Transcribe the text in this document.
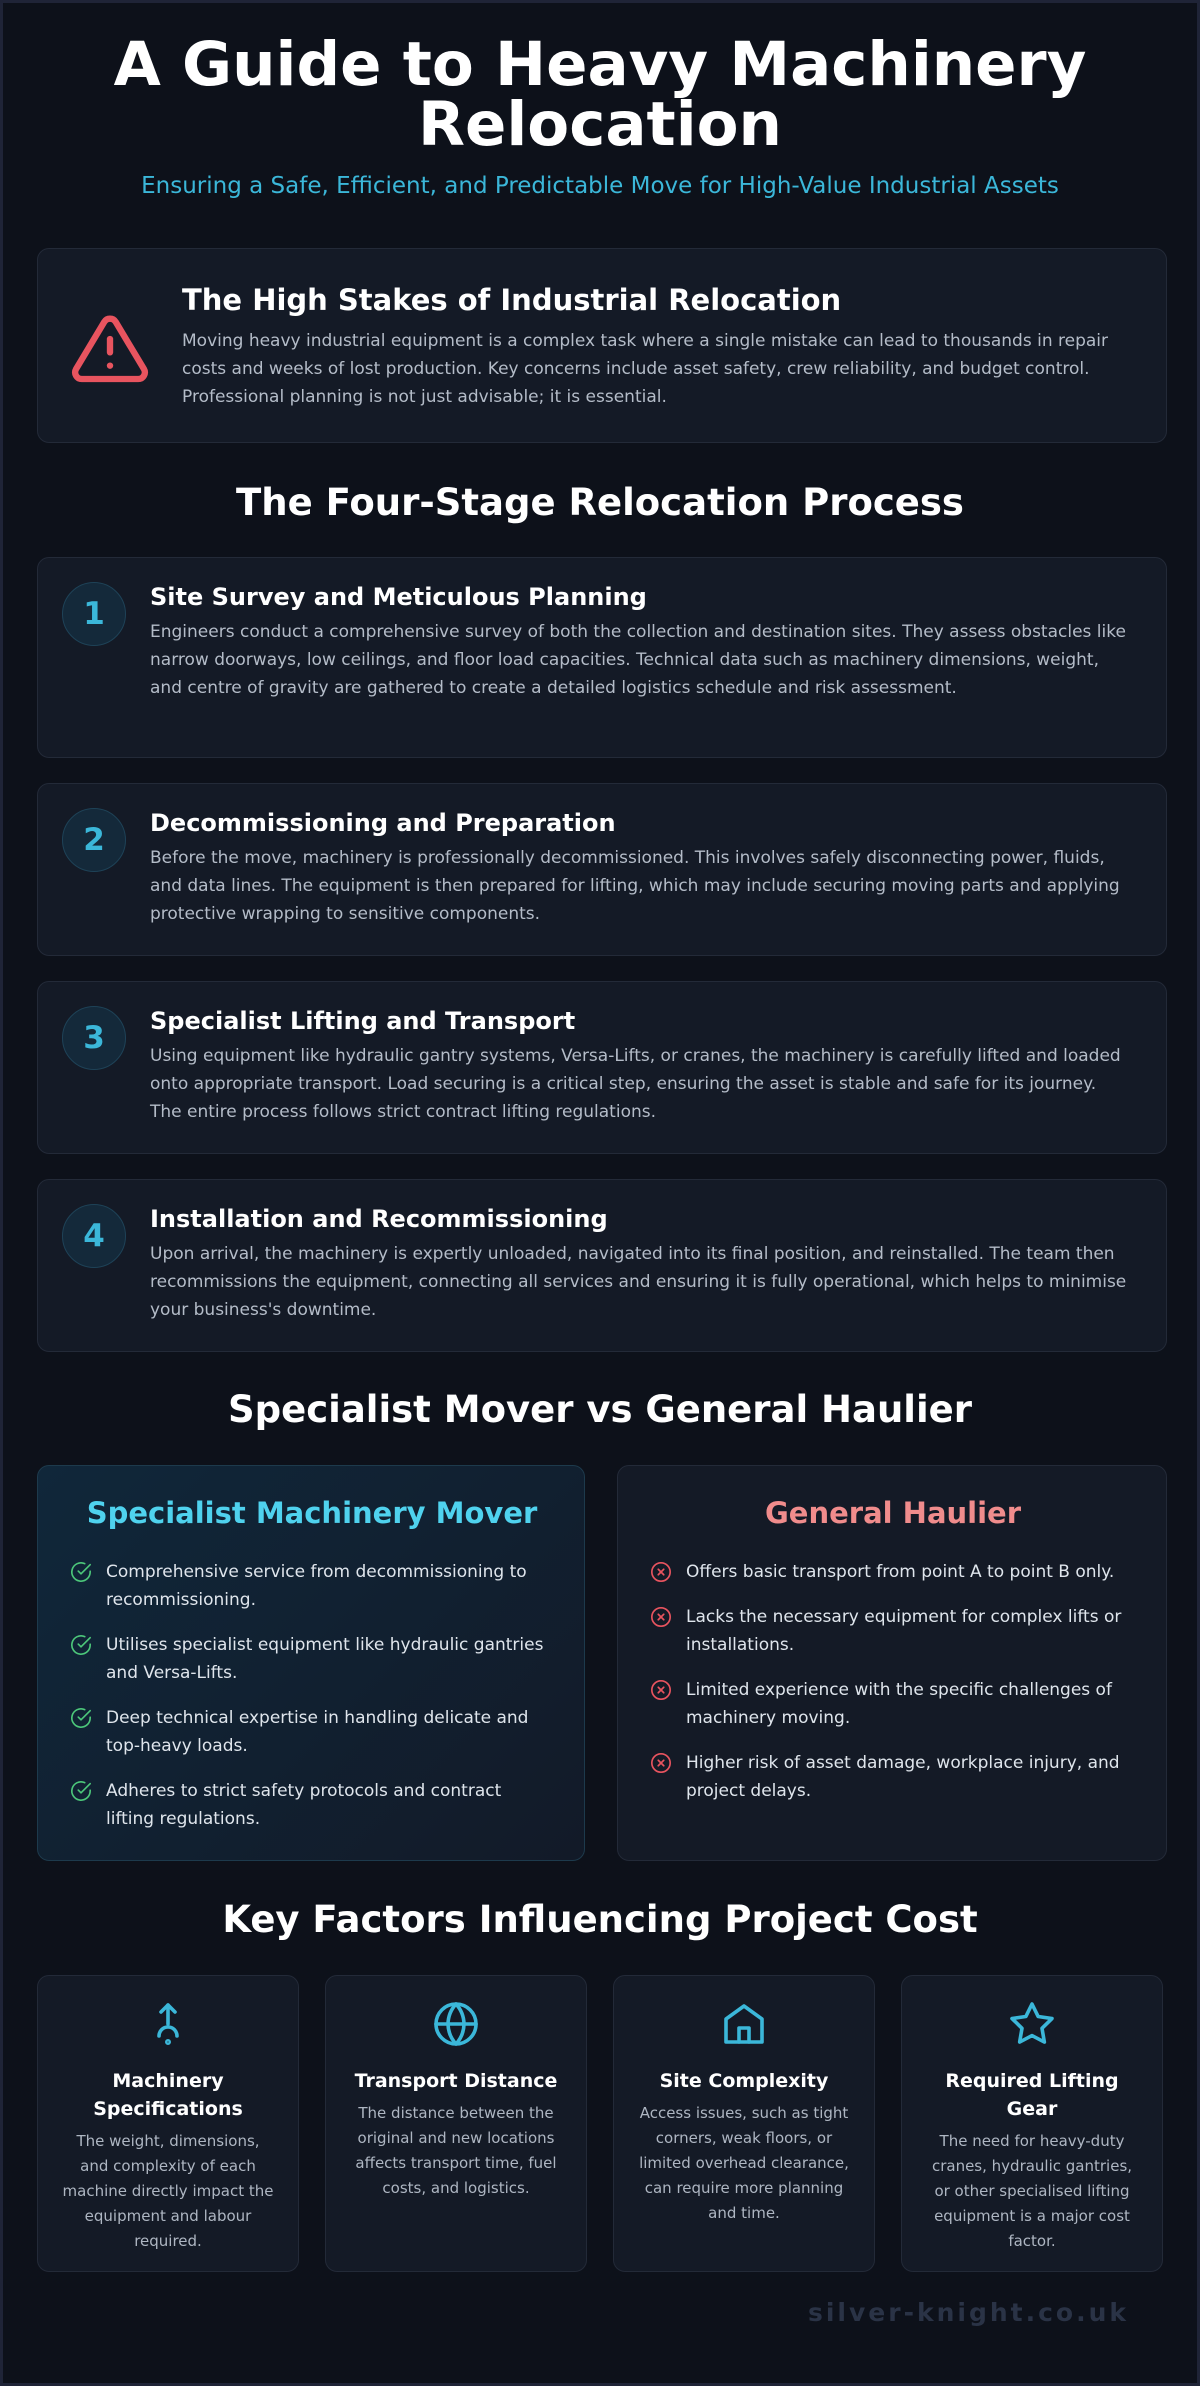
A Guide to Heavy Machinery Relocation
Ensuring a Safe, Efficient, and Predictable Move for High-Value Industrial Assets
The High Stakes of Industrial Relocation

Moving heavy industrial equipment is a complex task where a single mistake can lead to thousands in repair costs and weeks of lost production. Key concerns include asset safety, crew reliability, and budget control. Professional planning is not just advisable; it is essential.

The Four-Stage Relocation Process
1	Site Survey and Meticulous Planning

Engineers conduct a comprehensive survey of both the collection and destination sites. They assess obstacles like narrow doorways, low ceilings, and floor load capacities. Technical data such as machinery dimensions, weight, and centre of gravity are gathered to create a detailed logistics schedule and risk assessment.

2	Decommissioning and Preparation

Before the move, machinery is professionally decommissioned. This involves safely disconnecting power, fluids, and data lines. The equipment is then prepared for lifting, which may include securing moving parts and applying protective wrapping to sensitive components.

3	Specialist Lifting and Transport

Using equipment like hydraulic gantry systems, Versa-Lifts, or cranes, the machinery is carefully lifted and loaded onto appropriate transport. Load securing is a critical step, ensuring the asset is stable and safe for its journey. The entire process follows strict contract lifting regulations.

4	Installation and Recommissioning

Upon arrival, the machinery is expertly unloaded, navigated into its final position, and reinstalled. The team then recommissions the equipment, connecting all services and ensuring it is fully operational, which helps to minimise your business's downtime.

Specialist Mover vs General Haulier
Specialist Machinery Mover
Comprehensive service from decommissioning to recommissioning.
Utilises specialist equipment like hydraulic gantries and Versa-Lifts.
Deep technical expertise in handling delicate and top-heavy loads.
Adheres to strict safety protocols and contract lifting regulations.
General Haulier
Offers basic transport from point A to point B only.
Lacks the necessary equipment for complex lifts or installations.
Limited experience with the specific challenges of machinery moving.
Higher risk of asset damage, workplace injury, and project delays.
Key Factors Influencing Project Cost
Machinery Specifications

The weight, dimensions, and complexity of each machine directly impact the equipment and labour required.

Transport Distance

The distance between the original and new locations affects transport time, fuel costs, and logistics.

Site Complexity

Access issues, such as tight corners, weak floors, or limited overhead clearance, can require more planning and time.

Required Lifting Gear

The need for heavy-duty cranes, hydraulic gantries, or other specialised lifting equipment is a major cost factor.

silver-knight.co.uk
